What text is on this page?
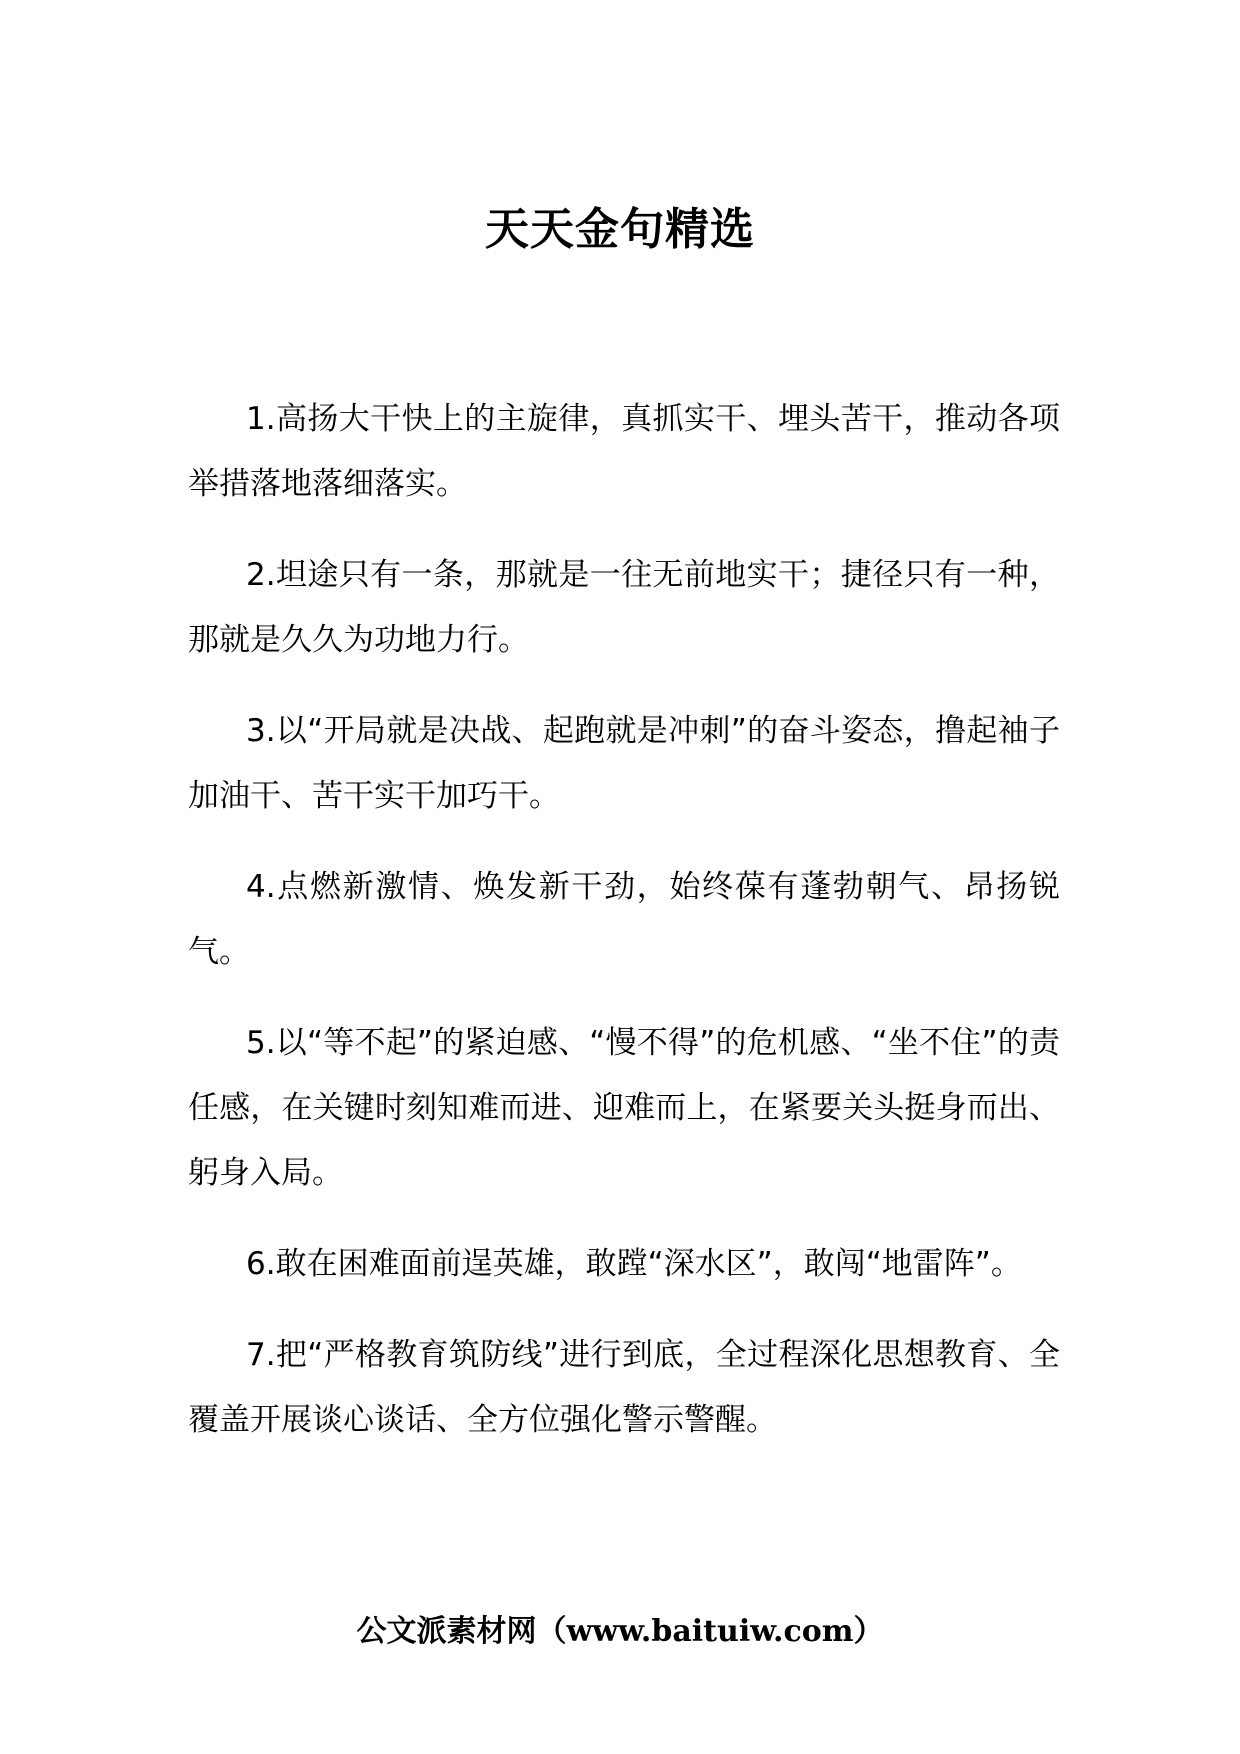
天天金句精选

1.高扬大干快上的主旋律，真抓实干、埋头苦干，推动各项举措落地落细落实。

2.坦途只有一条，那就是一往无前地实干；捷径只有一种，那就是久久为功地力行。

3.以“开局就是决战、起跑就是冲刺”的奋斗姿态，撸起袖子加油干、苦干实干加巧干。

4.点燃新激情、焕发新干劲，始终葆有蓬勃朝气、昂扬锐气。

5.以“等不起”的紧迫感、“慢不得”的危机感、“坐不住”的责任感，在关键时刻知难而进、迎难而上，在紧要关头挺身而出、躬身入局。

6.敢在困难面前逞英雄，敢蹚“深水区”，敢闯“地雷阵”。

7.把“严格教育筑防线”进行到底，全过程深化思想教育、全覆盖开展谈心谈话、全方位强化警示警醒。

公文派素材网（www.baituiw.com）
